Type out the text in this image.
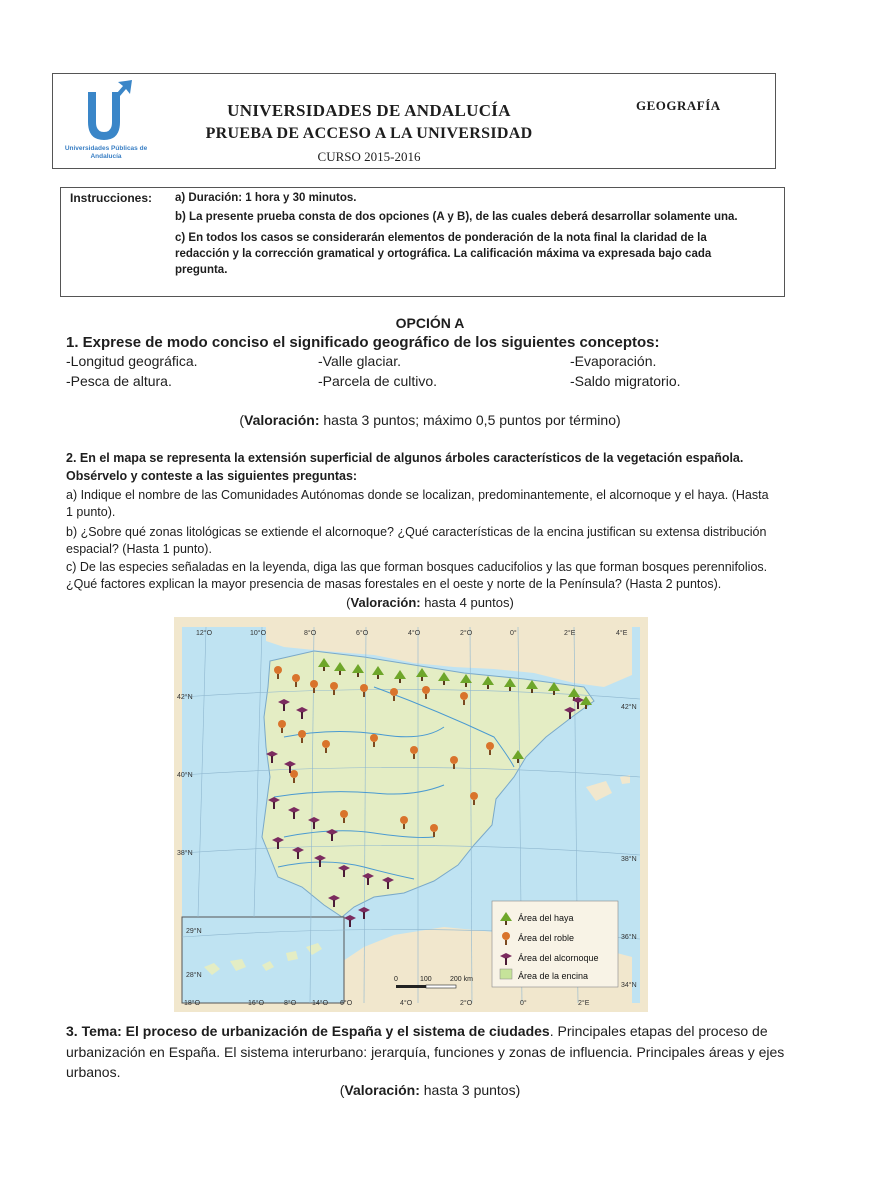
Universidades Públicas de Andalucía
UNIVERSIDADES DE ANDALUCÍA
PRUEBA DE ACCESO A LA UNIVERSIDAD
CURSO 2015-2016
GEOGRAFÍA
Instrucciones: a) Duración: 1 hora y 30 minutos.
b) La presente prueba consta de dos opciones (A y B), de las cuales deberá desarrollar solamente una.
c) En todos los casos se considerarán elementos de ponderación de la nota final la claridad de la redacción y la corrección gramatical y ortográfica. La calificación máxima va expresada bajo cada pregunta.
OPCIÓN A
1. Exprese de modo conciso el significado geográfico de los siguientes conceptos:
-Longitud geográfica.	-Valle glaciar.	-Evaporación.
-Pesca de altura.	-Parcela de cultivo.	-Saldo migratorio.
(Valoración: hasta 3 puntos; máximo 0,5 puntos por término)
2. En el mapa se representa la extensión superficial de algunos árboles característicos de la vegetación española.
Obsérvelo y conteste a las siguientes preguntas:
a) Indique el nombre de las Comunidades Autónomas donde se localizan, predominantemente, el alcornoque y el haya. (Hasta
1 punto).
b) ¿Sobre qué zonas litológicas se extiende el alcornoque? ¿Qué características de la encina justifican su extensa distribución
espacial? (Hasta 1 punto).
c) De las especies señaladas en la leyenda, diga las que forman bosques caducifolios y las que forman bosques perennifolios.
¿Qué factores explican la mayor presencia de masas forestales en el oeste y norte de la Península? (Hasta 2 puntos).
(Valoración: hasta 4 puntos)
12°O	10°O	8°O	6°O	4°O	2°O	0°	2°E	4°E
42°N
40°N
38°N
42°N
38°N
36°N
34°N
29°N
28°N
18°O	16°O	8°O 14°O 6°O	4°O	2°O	0°	2°E
0	100	200 km
Área del haya
Área del roble
Área del alcornoque
Área de la encina
3. Tema: El proceso de urbanización de España y el sistema de ciudades. Principales etapas del proceso de urbanización en España. El sistema interurbano: jerarquía, funciones y zonas de influencia. Principales áreas y ejes urbanos.
(Valoración: hasta 3 puntos)
